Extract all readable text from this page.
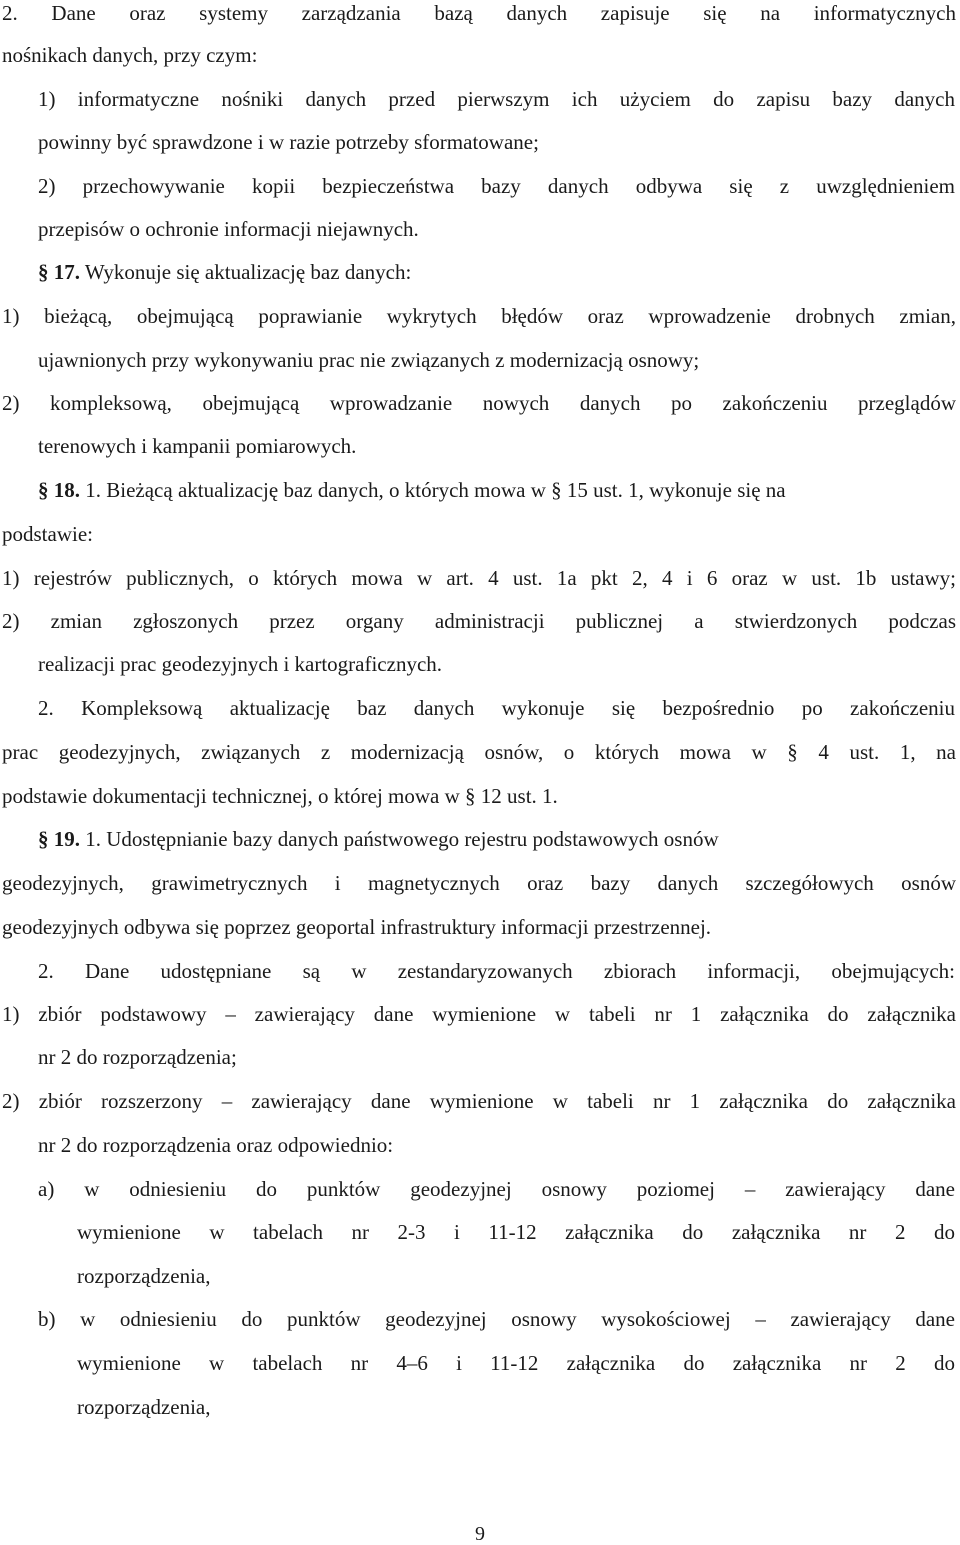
2. Dane oraz systemy zarządzania bazą danych zapisuje się na informatycznych
nośnikach danych, przy czym:
1) informatyczne nośniki danych przed pierwszym ich użyciem do zapisu bazy danych
powinny być sprawdzone i w razie potrzeby sformatowane;
2) przechowywanie kopii bezpieczeństwa bazy danych odbywa się z uwzględnieniem
przepisów o ochronie informacji niejawnych.
§ 17. Wykonuje się aktualizację baz danych:
1) bieżącą, obejmującą poprawianie wykrytych błędów oraz wprowadzenie drobnych zmian,
ujawnionych przy wykonywaniu prac nie związanych z modernizacją osnowy;
2) kompleksową, obejmującą wprowadzanie nowych danych po zakończeniu przeglądów
terenowych i kampanii pomiarowych.
§ 18. 1. Bieżącą aktualizację baz danych, o których mowa w § 15 ust. 1, wykonuje się na
podstawie:
1) rejestrów publicznych, o których mowa w art. 4 ust. 1a pkt 2, 4 i 6 oraz w ust. 1b ustawy;
2) zmian zgłoszonych przez organy administracji publicznej a stwierdzonych podczas
realizacji prac geodezyjnych i kartograficznych.
2. Kompleksową aktualizację baz danych wykonuje się bezpośrednio po zakończeniu
prac geodezyjnych, związanych z modernizacją osnów, o których mowa w § 4 ust. 1, na
podstawie dokumentacji technicznej, o której mowa w § 12 ust. 1.
§ 19. 1. Udostępnianie bazy danych państwowego rejestru podstawowych osnów
geodezyjnych, grawimetrycznych i magnetycznych oraz bazy danych szczegółowych osnów
geodezyjnych odbywa się poprzez geoportal infrastruktury informacji przestrzennej.
2. Dane udostępniane są w zestandaryzowanych zbiorach informacji, obejmujących:
1) zbiór podstawowy – zawierający dane wymienione w tabeli nr 1 załącznika do załącznika
nr 2 do rozporządzenia;
2) zbiór rozszerzony – zawierający dane wymienione w tabeli nr 1 załącznika do załącznika
nr 2 do rozporządzenia oraz odpowiednio:
a) w odniesieniu do punktów geodezyjnej osnowy poziomej – zawierający dane
wymienione w tabelach nr 2-3 i 11-12 załącznika do załącznika nr 2 do
rozporządzenia,
b) w odniesieniu do punktów geodezyjnej osnowy wysokościowej – zawierający dane
wymienione w tabelach nr 4–6 i 11-12 załącznika do załącznika nr 2 do
rozporządzenia,
9
